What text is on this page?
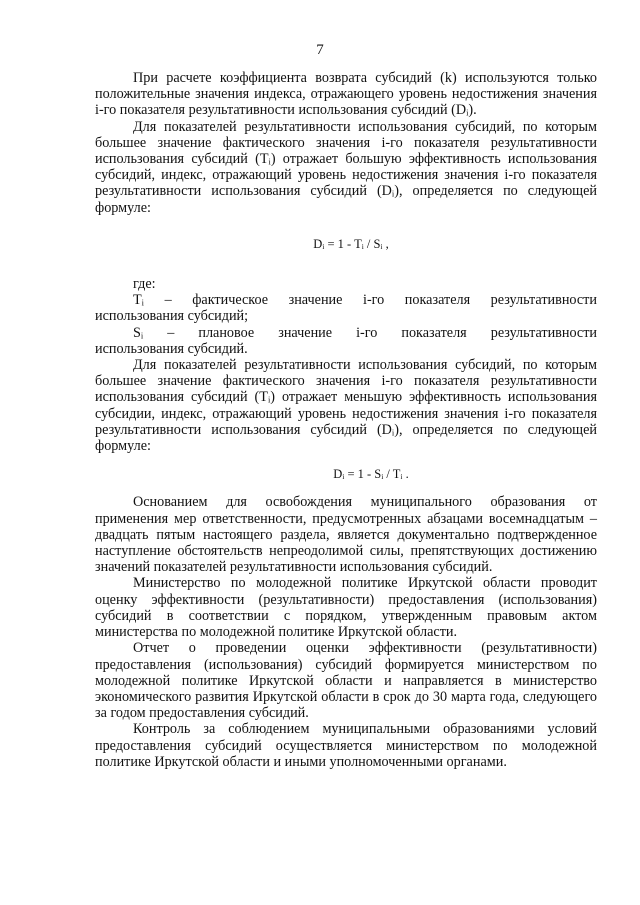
7

При расчете коэффициента возврата субсидий (k) используются только положительные значения индекса, отражающего уровень недостижения значения i-го показателя результативности использования субсидий (Dᵢ).

Для показателей результативности использования субсидий, по которым большее значение фактического значения i-го показателя результативности использования субсидий (Tᵢ) отражает большую эффективность использования субсидий, индекс, отражающий уровень недостижения значения i-го показателя результативности использования субсидий (Dᵢ), определяется по следующей формуле:

Dᵢ = 1 - Tᵢ / Sᵢ ,

где:

Tᵢ – фактическое значение i-го показателя результативности

использования субсидий;

Sᵢ – плановое значение i-го показателя результативности

использования субсидий.

Для показателей результативности использования субсидий, по которым большее значение фактического значения i-го показателя результативности использования субсидий (Tᵢ) отражает меньшую эффективность использования субсидии, индекс, отражающий уровень недостижения значения i-го показателя результативности использования субсидий (Dᵢ), определяется по следующей формуле:

Dᵢ = 1 - Sᵢ / Tᵢ .

Основанием для освобождения муниципального образования от применения мер ответственности, предусмотренных абзацами восемнадцатым – двадцать пятым настоящего раздела, является документально подтвержденное наступление обстоятельств непреодолимой силы, препятствующих достижению значений показателей результативности использования субсидий.

Министерство по молодежной политике Иркутской области проводит оценку эффективности (результативности) предоставления (использования) субсидий в соответствии с порядком, утвержденным правовым актом министерства по молодежной политике Иркутской области.

Отчет о проведении оценки эффективности (результативности) предоставления (использования) субсидий формируется министерством по молодежной политике Иркутской области и направляется в министерство экономического развития Иркутской области в срок до 30 марта года, следующего за годом предоставления субсидий.

Контроль за соблюдением муниципальными образованиями условий предоставления субсидий осуществляется министерством по молодежной политике Иркутской области и иными уполномоченными органами.
